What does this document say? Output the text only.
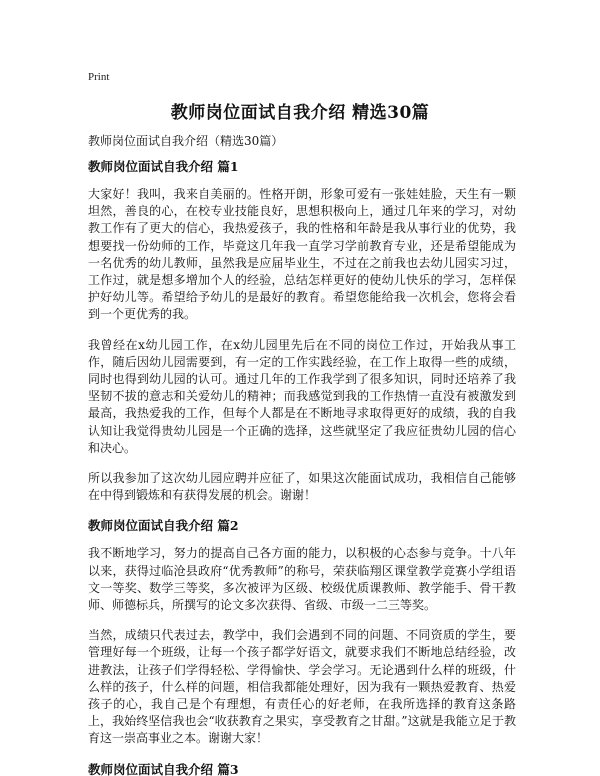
Print
教师岗位面试自我介绍 精选30篇

教师岗位面试自我介绍（精选30篇）

教师岗位面试自我介绍 篇1

大家好！我叫，我来自美丽的。性格开朗，形象可爱有一张娃娃脸，天生有一颗坦然，善良的心，在校专业技能良好，思想积极向上，通过几年来的学习，对幼教工作有了更大的信心，我热爱孩子，我的性格和年龄是我从事行业的优势，我想要找一份幼师的工作，毕竟这几年我一直学习学前教育专业，还是希望能成为一名优秀的幼儿教师，虽然我是应届毕业生，不过在之前我也去幼儿园实习过，工作过，就是想多增加个人的经验，总结怎样更好的使幼儿快乐的学习，怎样保护好幼儿等。希望给予幼儿的是最好的教育。希望您能给我一次机会，您将会看到一个更优秀的我。

我曾经在x幼儿园工作，在x幼儿园里先后在不同的岗位工作过，开始我从事工作，随后因幼儿园需要到，有一定的工作实践经验，在工作上取得一些的成绩，同时也得到幼儿园的认可。通过几年的工作我学到了很多知识，同时还培养了我坚韧不拔的意志和关爱幼儿的精神；而我感觉到我的工作热情一直没有被激发到最高，我热爱我的工作，但每个人都是在不断地寻求取得更好的成绩，我的自我认知让我觉得贵幼儿园是一个正确的选择，这些就坚定了我应征贵幼儿园的信心和决心。

所以我参加了这次幼儿园应聘并应征了，如果这次能面试成功，我相信自己能够在中得到锻炼和有获得发展的机会。谢谢！

教师岗位面试自我介绍 篇2

我不断地学习，努力的提高自己各方面的能力，以积极的心态参与竞争。十八年以来，获得过临沧县政府“优秀教师”的称号，荣获临翔区课堂教学竞赛小学组语文一等奖、数学三等奖，多次被评为区级、校级优质课教师、教学能手、骨干教师、师德标兵，所撰写的论文多次获得、省级、市级一二三等奖。

当然，成绩只代表过去，教学中，我们会遇到不同的问题、不同资质的学生，要管理好每一个班级，让每一个孩子都学好语文，就要求我们不断地总结经验，改进教法，让孩子们学得轻松、学得愉快、学会学习。无论遇到什么样的班级，什么样的孩子，什么样的问题，相信我都能处理好，因为我有一颗热爱教育、热爱孩子的心，我自己是个有理想，有责任心的好老师，在我所选择的教育这条路上，我始终坚信我也会“收获教育之果实，享受教育之甘甜。”这就是我能立足于教育这一崇高事业之本。谢谢大家！

教师岗位面试自我介绍 篇3
